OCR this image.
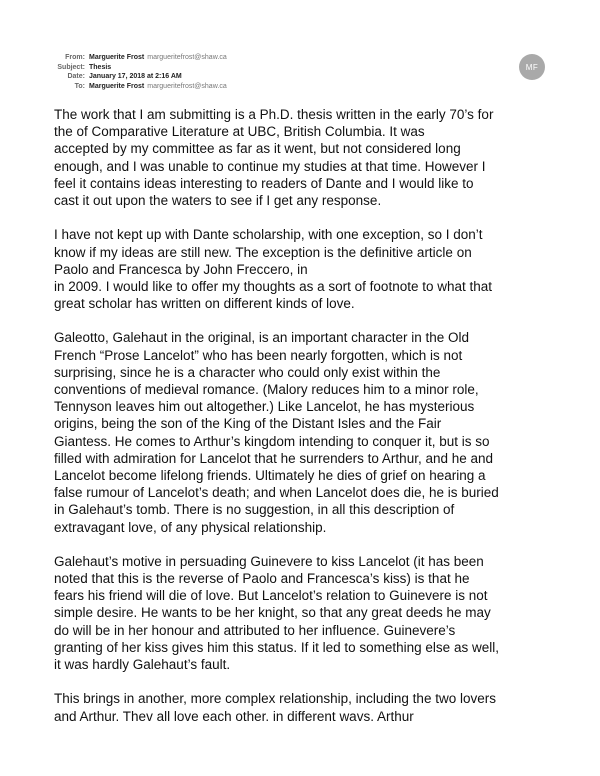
From: Marguerite Frost margueritefrost@shaw.ca
Subject: Thesis
Date: January 17, 2018 at 2:16 AM
To: Marguerite Frost margueritefrost@shaw.ca
MF
The work that I am submitting is a Ph.D. thesis written in the early 70’s for
the of Comparative Literature at UBC, British Columbia. It was
accepted by my committee as far as it went, but not considered long
enough, and I was unable to continue my studies at that time. However I
feel it contains ideas interesting to readers of Dante and I would like to
cast it out upon the waters to see if I get any response.
I have not kept up with Dante scholarship, with one exception, so I don’t
know if my ideas are still new. The exception is the definitive article on
Paolo and Francesca by John Freccero, in
in 2009. I would like to offer my thoughts as a sort of footnote to what that
great scholar has written on different kinds of love.
Galeotto, Galehaut in the original, is an important character in the Old
French “Prose Lancelot” who has been nearly forgotten, which is not
surprising, since he is a character who could only exist within the
conventions of medieval romance. (Malory reduces him to a minor role,
Tennyson leaves him out altogether.) Like Lancelot, he has mysterious
origins, being the son of the King of the Distant Isles and the Fair
Giantess. He comes to Arthur’s kingdom intending to conquer it, but is so
filled with admiration for Lancelot that he surrenders to Arthur, and he and
Lancelot become lifelong friends. Ultimately he dies of grief on hearing a
false rumour of Lancelot’s death; and when Lancelot does die, he is buried
in Galehaut’s tomb. There is no suggestion, in all this description of
extravagant love, of any physical relationship.
Galehaut’s motive in persuading Guinevere to kiss Lancelot (it has been
noted that this is the reverse of Paolo and Francesca’s kiss) is that he
fears his friend will die of love. But Lancelot’s relation to Guinevere is not
simple desire. He wants to be her knight, so that any great deeds he may
do will be in her honour and attributed to her influence. Guinevere’s
granting of her kiss gives him this status. If it led to something else as well,
it was hardly Galehaut’s fault.
This brings in another, more complex relationship, including the two lovers
and Arthur. Thev all love each other. in different wavs. Arthur
